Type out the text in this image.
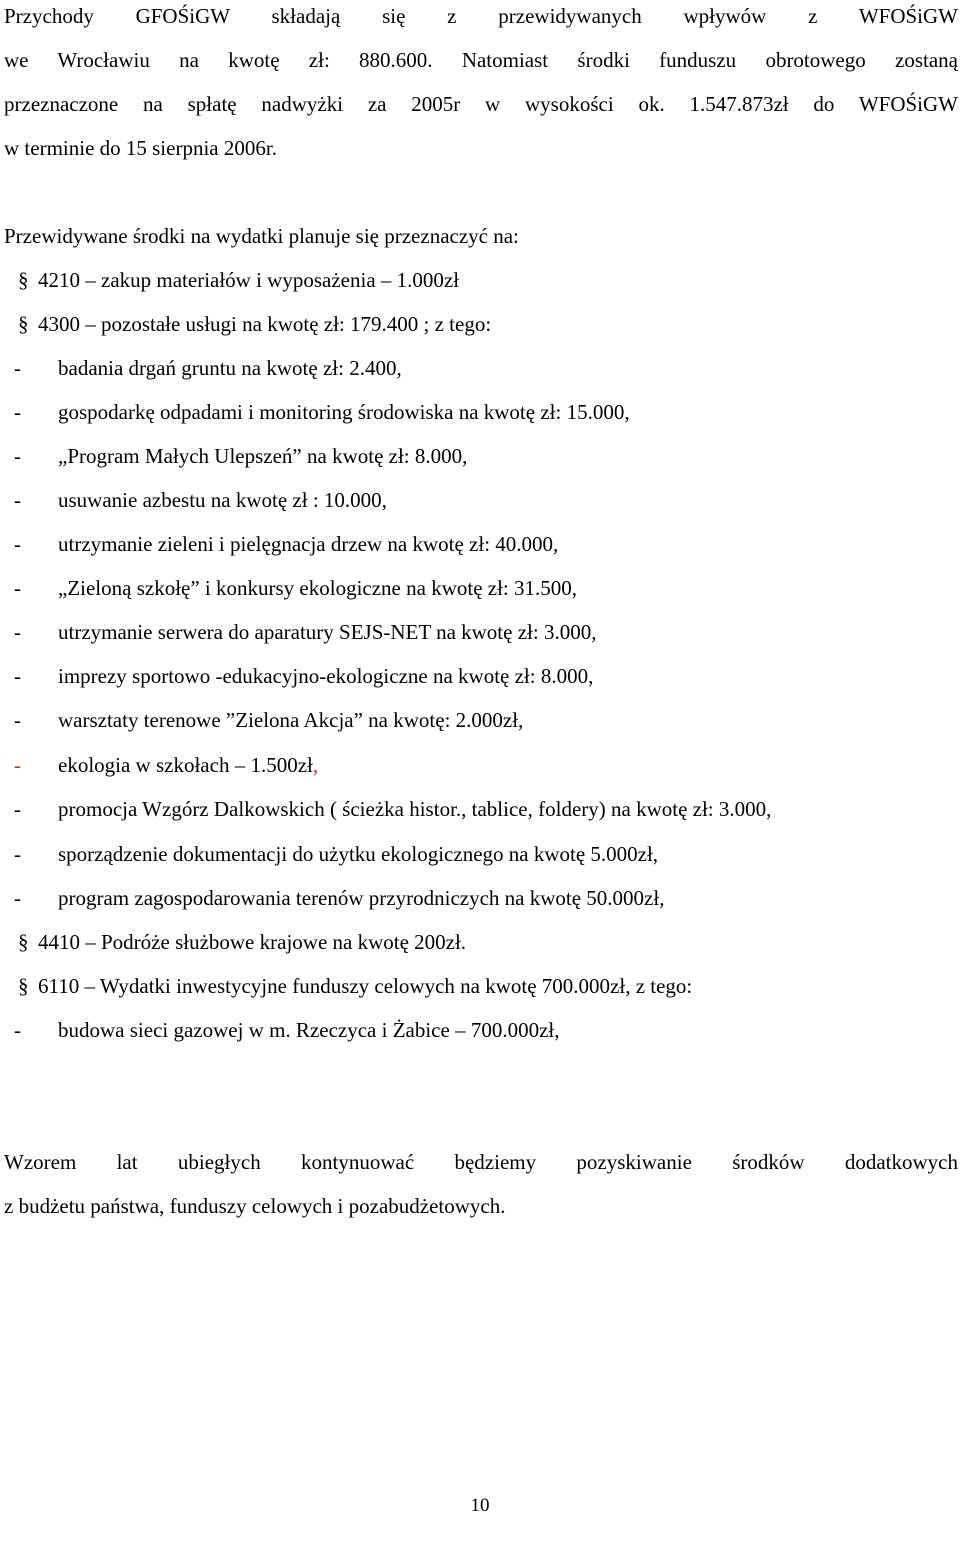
Przychody GFOŚiGW składają się z przewidywanych wpływów z WFOŚiGW
we Wrocławiu na kwotę zł: 880.600. Natomiast środki funduszu obrotowego zostaną
przeznaczone na spłatę nadwyżki za 2005r w wysokości ok. 1.547.873zł do WFOŚiGW
w terminie do 15 sierpnia 2006r.
Przewidywane środki na wydatki planuje się przeznaczyć na:
§ 4210 – zakup materiałów i wyposażenia – 1.000zł
§ 4300 – pozostałe usługi na kwotę zł: 179.400 ; z tego:
- badania drgań gruntu na kwotę zł: 2.400,
- gospodarkę odpadami i monitoring środowiska na kwotę zł: 15.000,
- „Program Małych Ulepszeń” na kwotę zł: 8.000,
- usuwanie azbestu na kwotę zł : 10.000,
- utrzymanie zieleni i pielęgnacja drzew na kwotę zł: 40.000,
- „Zieloną szkołę” i konkursy ekologiczne na kwotę zł: 31.500,
- utrzymanie serwera do aparatury SEJS-NET na kwotę zł: 3.000,
- imprezy sportowo -edukacyjno-ekologiczne na kwotę zł: 8.000,
- warsztaty terenowe ”Zielona Akcja” na kwotę: 2.000zł,
- ekologia w szkołach – 1.500zł,
- promocja Wzgórz Dalkowskich ( ścieżka histor., tablice, foldery) na kwotę zł: 3.000,
- sporządzenie dokumentacji do użytku ekologicznego na kwotę 5.000zł,
- program zagospodarowania terenów przyrodniczych na kwotę 50.000zł,
§ 4410 – Podróże służbowe krajowe na kwotę 200zł.
§ 6110 – Wydatki inwestycyjne funduszy celowych na kwotę 700.000zł, z tego:
- budowa sieci gazowej w m. Rzeczyca i Żabice – 700.000zł,
Wzorem lat ubiegłych kontynuować będziemy pozyskiwanie środków dodatkowych
z budżetu państwa, funduszy celowych i pozabudżetowych.
10
